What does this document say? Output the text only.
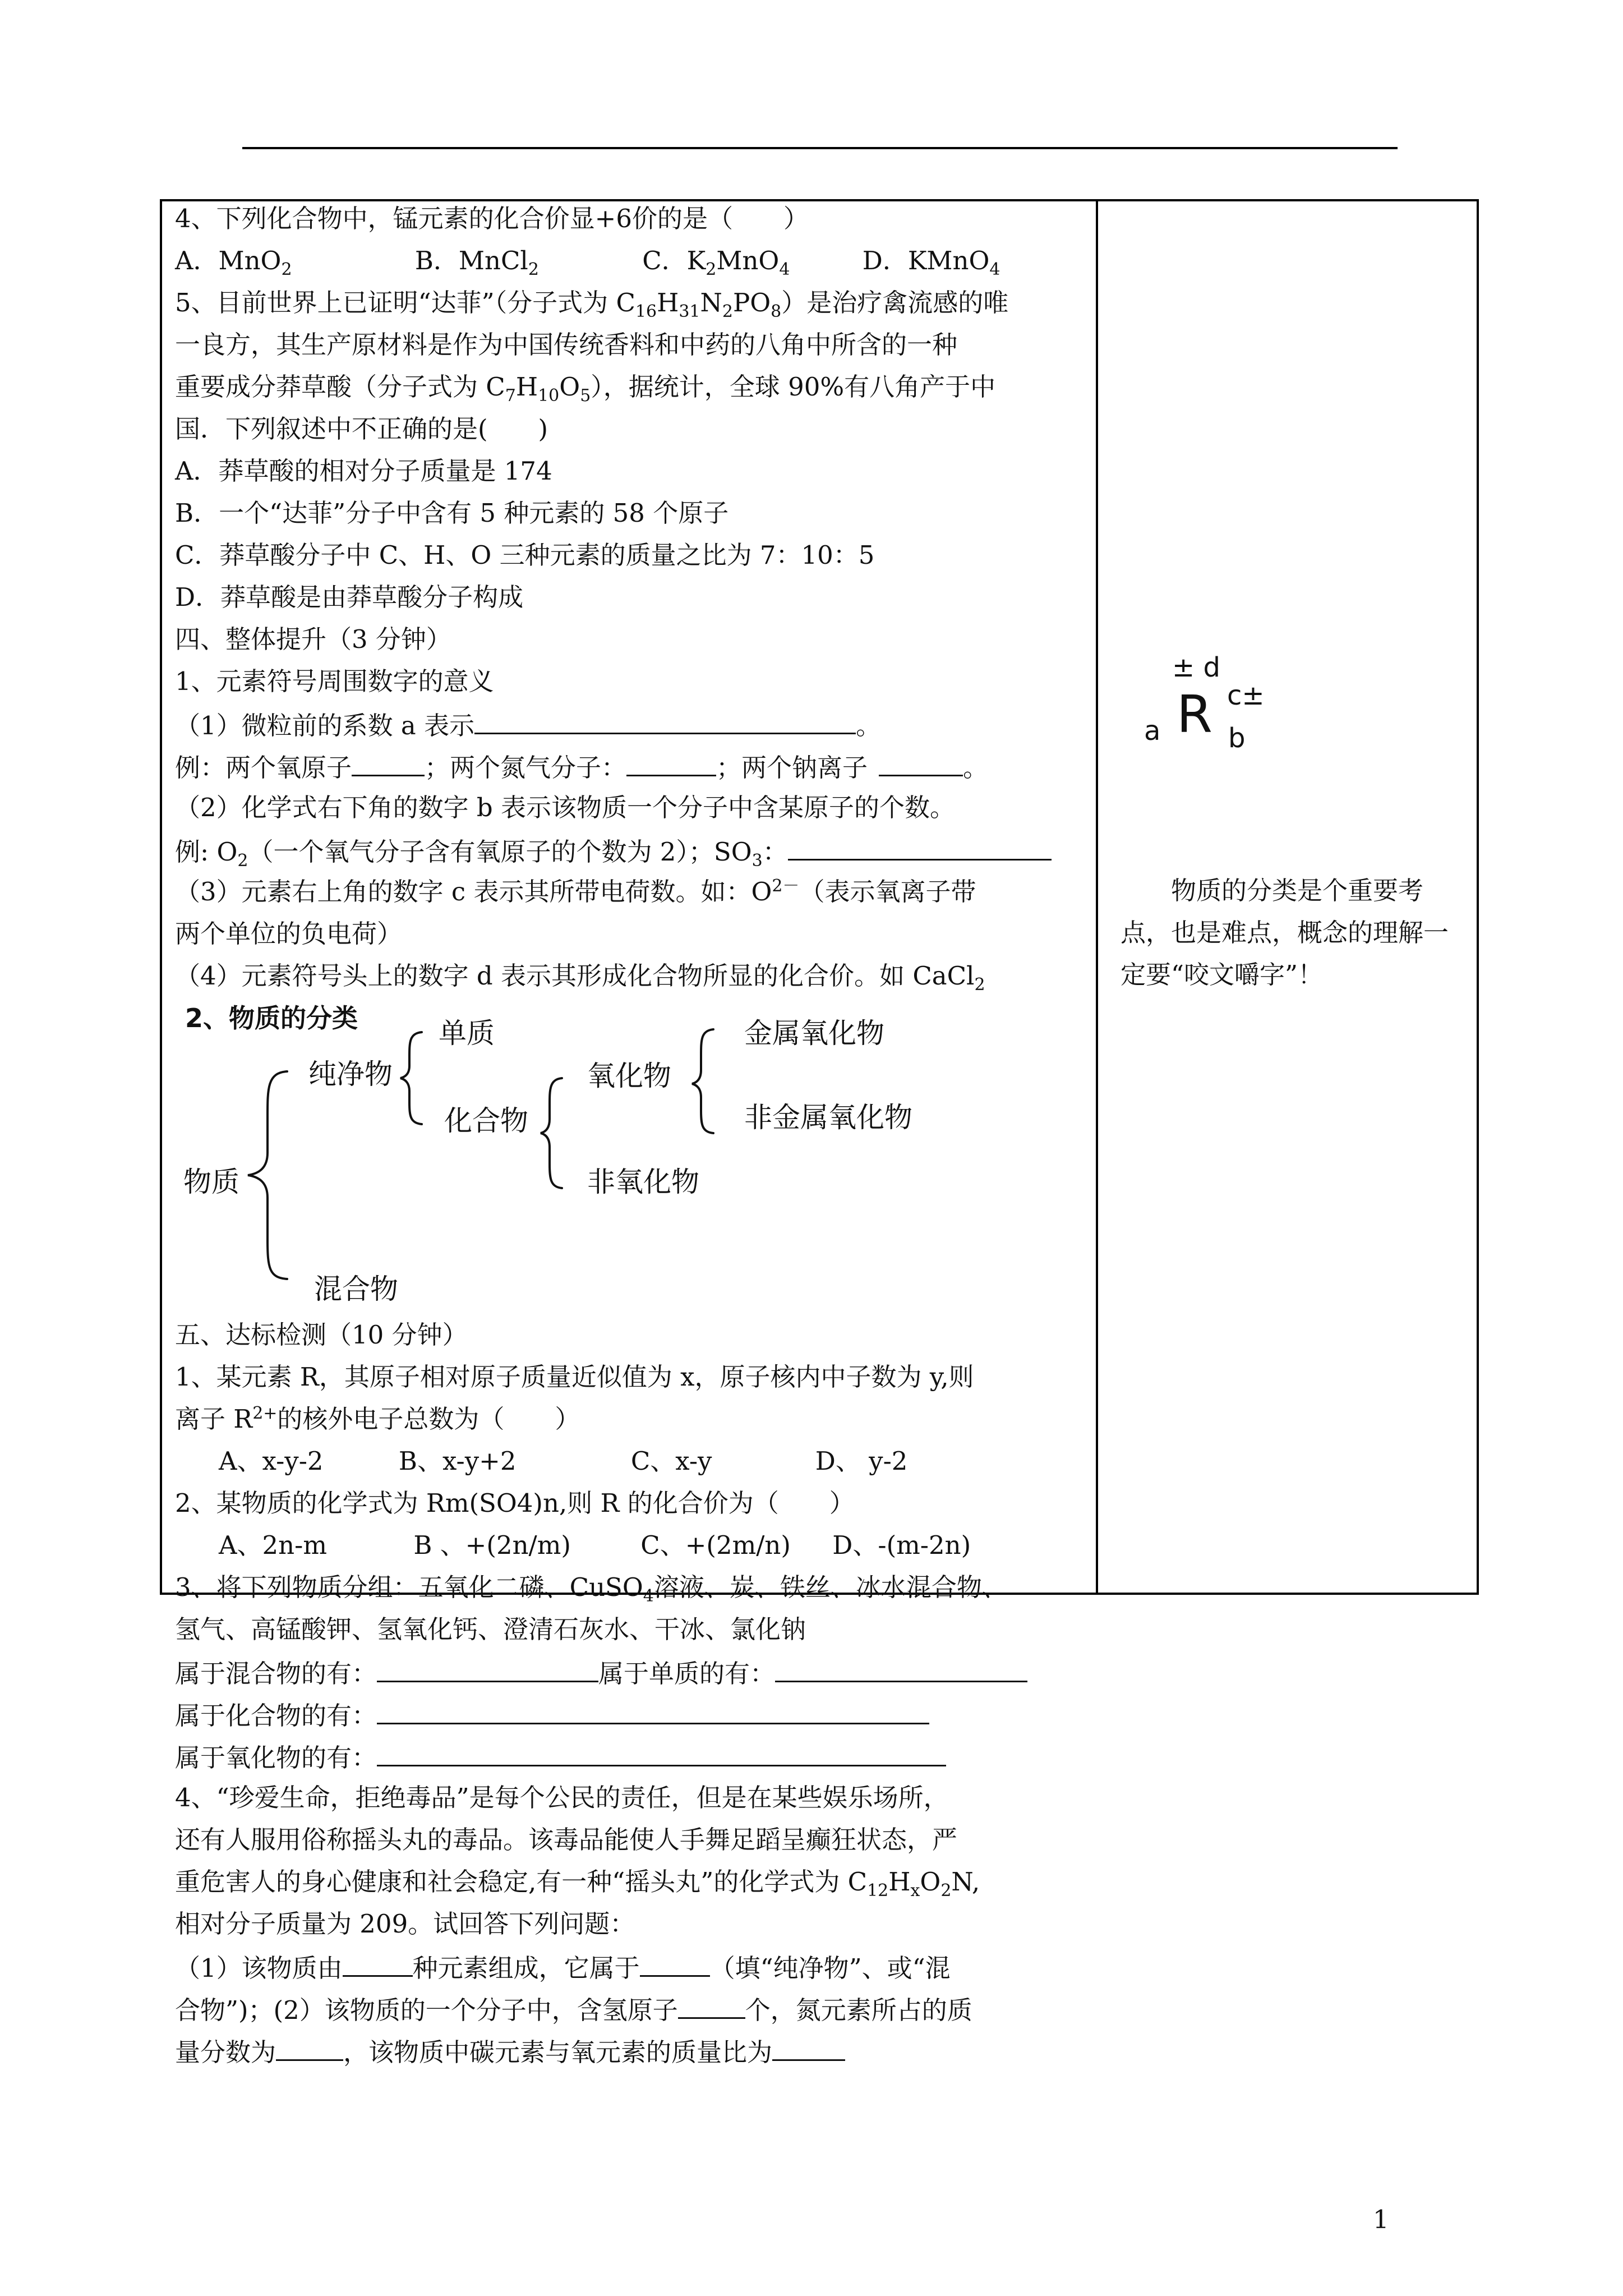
4、下列化合物中，锰元素的化合价显+6价的是（　　）
A．MnO$_2$	B．MnCl$_2$	C．$K_2MnO_4$	D．KMnO$_4$
5、目前世界上已证明“达菲”（分子式为 $C_{16}H_{31}N_2PO_8$）是治疗禽流感的唯
一良方，其生产原材料是作为中国传统香料和中药的八角中所含的一种
重要成分莽草酸（分子式为 $C_7H_{10}O_5$），据统计，全球 90%有八角产于中
国．下列叙述中不正确的是(　　)
A．莽草酸的相对分子质量是 174
B．一个“达菲”分子中含有 5 种元素的 58 个原子
C．莽草酸分子中 C、H、O 三种元素的质量之比为 7：10：5
D．莽草酸是由莽草酸分子构成
四、整体提升（3 分钟）
1、元素符号周围数字的意义
（1）微粒前的系数 a 表示	。
例：两个氧原子	；两个氮气分子：	；两个钠离子	。
（2）化学式右下角的数字 b 表示该物质一个分子中含某原子的个数。
例: $O_2$（一个氧气分子含有氧原子的个数为 2）；$SO_3$：
（3）元素右上角的数字 c 表示其所带电荷数。如：$O^{2-}$（表示氧离子带
两个单位的负电荷）
（4）元素符号头上的数字 d 表示其形成化合物所显的化合价。如 CaCl$_2$
2、物质的分类
物质
纯净物
混合物
单质
化合物
氧化物
非氧化物
金属氧化物
非金属氧化物
五、达标检测（10 分钟）
1、某元素 R，其原子相对原子质量近似值为 x，原子核内中子数为 y,则
离子 $R^{2+}$的核外电子总数为（　　）
A、x-y-2	B、x-y+2	C、x-y	D、 y-2
2、某物质的化学式为 Rm(SO4)n,则 R 的化合价为（　　）
A、2n-m	B 、+(2n/m)	C、+(2m/n) D、-(m-2n)
3、将下列物质分组：五氧化二磷、CuSO$_4$溶液、炭、铁丝、冰水混合物、
氢气、高锰酸钾、氢氧化钙、澄清石灰水、干冰、氯化钠
属于混合物的有：	属于单质的有：
属于化合物的有：
属于氧化物的有：
4、“珍爱生命，拒绝毒品”是每个公民的责任，但是在某些娱乐场所，
还有人服用俗称摇头丸的毒品。该毒品能使人手舞足蹈呈癫狂状态，严
重危害人的身心健康和社会稳定,有一种“摇头丸”的化学式为 $C_{12}H_xO_2N$,
相对分子质量为 209。试回答下列问题：
（1）该物质由	种元素组成，它属于	（填“纯净物”、或“混
合物”)；(2）该物质的一个分子中，含氢原子	个，氮元素所占的质
量分数为	，该物质中碳元素与氧元素的质量比为
a R
± d
c±
b
物质的分类是个重要考点，也是难点，概念的理解一定要“咬文嚼字”！
1
